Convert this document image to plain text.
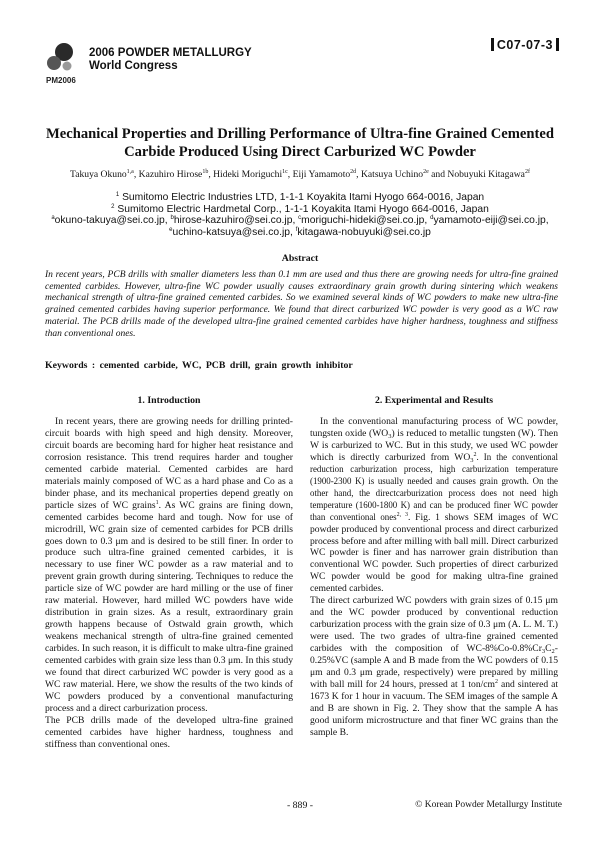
PM2006
2006 POWDER METALLURGY
World Congress
C07-07-3
Mechanical Properties and Drilling Performance of Ultra-fine Grained Cemented
Carbide Produced Using Direct Carburized WC Powder
Takuya Okuno$^{1,a}$, Kazuhiro Hirose$^{1b}$, Hideki Moriguchi$^{1c}$, Eiji Yamamoto$^{2d}$, Katsuya Uchino$^{2e}$ and Nobuyuki Kitagawa$^{2f}$
$^1$ Sumitomo Electric Industries LTD, 1-1-1 Koyakita Itami Hyogo 664-0016, Japan
$^2$ Sumitomo Electric Hardmetal Corp., 1-1-1 Koyakita Itami Hyogo 664-0016, Japan
$^a$okuno-takuya@sei.co.jp, $^b$hirose-kazuhiro@sei.co.jp, $^c$moriguchi-hideki@sei.co.jp, $^d$yamamoto-eiji@sei.co.jp,
$^e$uchino-katsuya@sei.co.jp, $^f$kitagawa-nobuyuki@sei.co.jp
Abstract
In recent years, PCB drills with smaller diameters less than 0.1 mm are used and thus there are growing needs for ultra-fine grained cemented carbides. However, ultra-fine WC powder usually causes extraordinary grain growth during sintering which weakens mechanical strength of ultra-fine grained cemented carbides. So we examined several kinds of WC powders to make new ultra-fine grained cemented carbides having superior performance. We found that direct carburized WC powder is very good as a WC raw material. The PCB drills made of the developed ultra-fine grained cemented carbides have higher hardness, toughness and stiffness than conventional ones.
Keywords : cemented carbide, WC, PCB drill, grain growth inhibitor
1. Introduction	2. Experimental and Results

In recent years, there are growing needs for drilling printed-circuit boards with high speed and high density. Moreover, circuit boards are becoming hard for higher heat resistance and corrosion resistance. This trend requires harder and tougher cemented carbide material. Cemented carbides are hard materials mainly composed of WC as a hard phase and Co as a binder phase, and its mechanical properties depend greatly on particle sizes of WC grains$^1$. As WC grains are fining down, cemented carbides become hard and tough. Now for use of microdrill, WC grain size of cemented carbides for PCB drills goes down to 0.3 μm and is desired to be still finer. In order to produce such ultra-fine grained cemented carbides, it is necessary to use finer WC powder as a raw material and to prevent grain growth during sintering. Techniques to reduce the particle size of WC powder are hard milling or the use of finer raw material. However, hard milled WC powders have wide distribution in grain sizes. As a result, extraordinary grain growth happens because of Ostwald grain growth, which weakens mechanical strength of ultra-fine grained cemented carbides. In such reason, it is difficult to make ultra-fine grained cemented carbides with grain size less than 0.3 μm. In this study we found that direct carburized WC powder is very good as a WC raw material. Here, we show the results of the two kinds of WC powders produced by a conventional manufacturing process and a direct carburization process.

The PCB drills made of the developed ultra-fine grained cemented carbides have higher hardness, toughness and stiffness than conventional ones.

In the conventional manufacturing process of WC powder, tungsten oxide $(WO_3)$ is reduced to metallic tungsten (W). Then W is carburized to WC. But in this study, we used WC powder which is directly carburized from $WO_3^2$. In the conventional reduction carburization process, high carburization temperature (1900-2300 K) is usually needed and causes grain growth. On the other hand, the directcarburization process does not need high temperature (1600-1800 K) and can be produced finer WC powder than conventional ones$^{2, 3}$. Fig. 1 shows SEM images of WC powder produced by conventional process and direct carburized process before and after milling with ball mill. Direct carburized WC powder is finer and has narrower grain distribution than conventional WC powder. Such properties of direct carburized WC powder would be good for making ultra-fine grained cemented carbides.

The direct carburized WC powders with grain sizes of 0.15 μm and the WC powder produced by conventional reduction carburization process with the grain size of 0.3 μm (A. L. M. T.) were used. The two grades of ultra-fine grained cemented carbides with the composition of $WC-8\%Co-0.8\%Cr_3C_2-0.25\%VC$ (sample A and B made from the WC powders of 0.15 μm and 0.3 μm grade, respectively) were prepared by milling with ball mill for 24 hours, pressed at 1 ton/$cm^2$ and sintered at 1673 K for 1 hour in vacuum. The SEM images of the sample A and B are shown in Fig. 2. They show that the sample A has good uniform microstructure and that finer WC grains than the sample B.

- 889 -	© Korean Powder Metallurgy Institute
